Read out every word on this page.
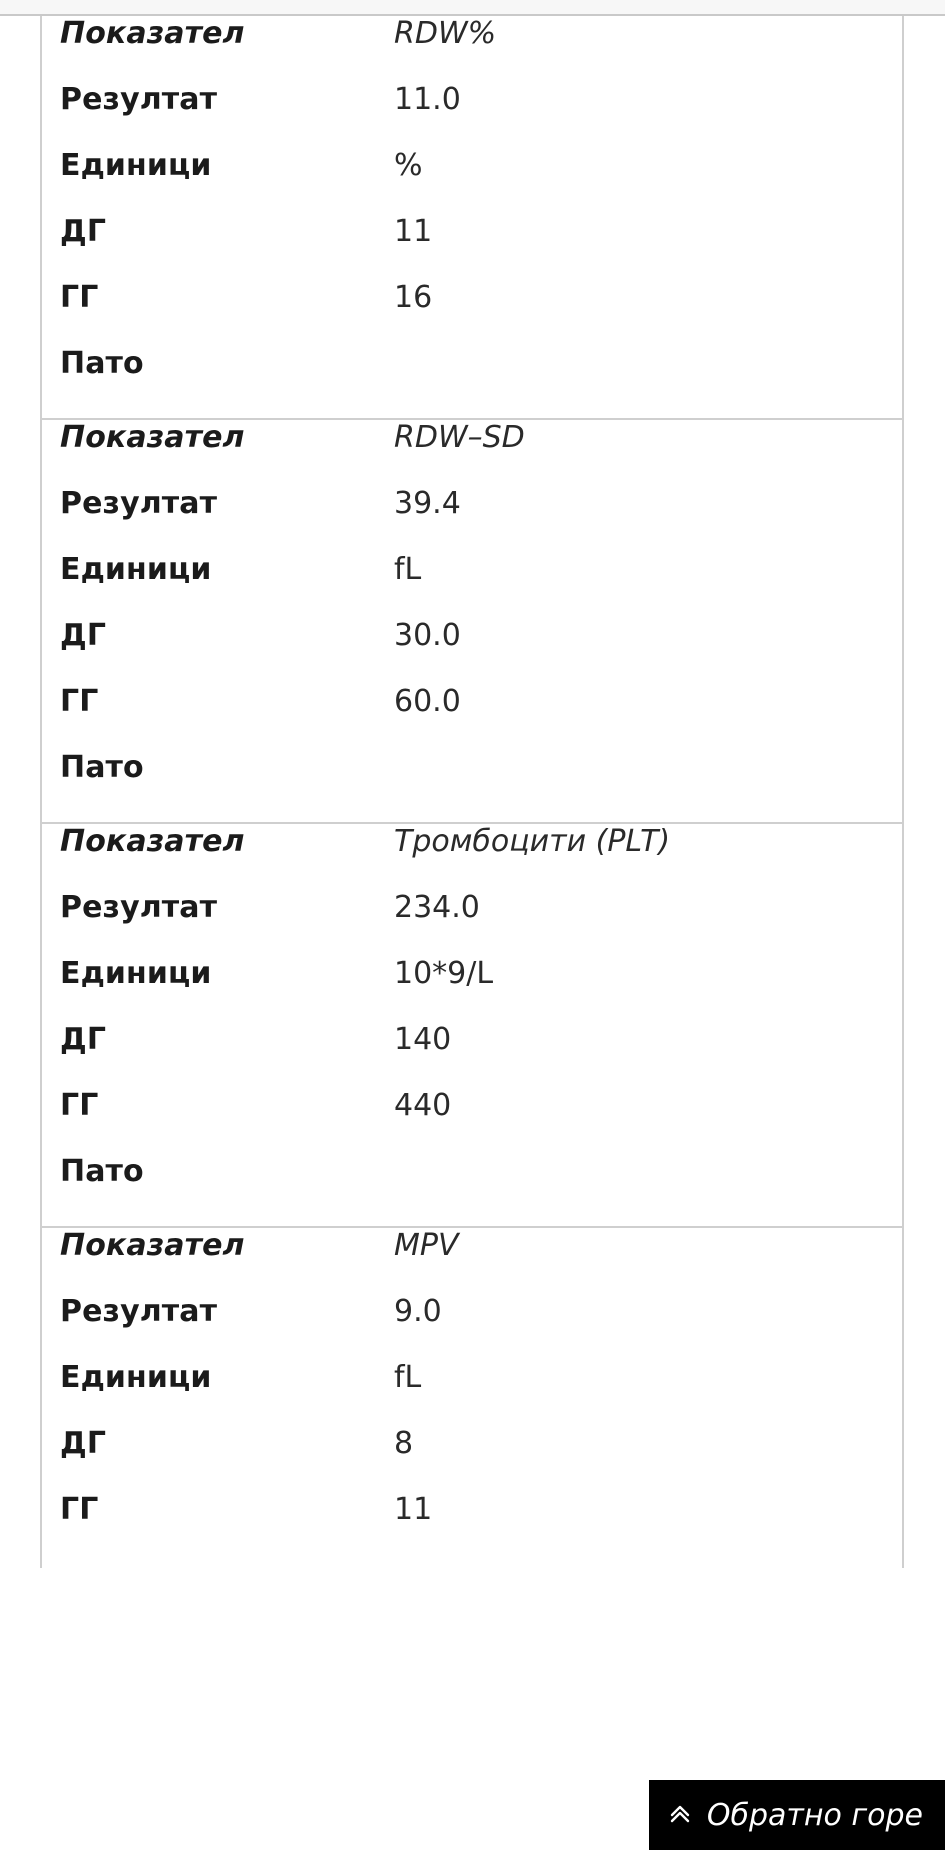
Показател	RDW%
Резултат	11.0
Единици	%
ДГ	11
ГГ	16
Пато
Показател	RDW–SD
Резултат	39.4
Единици	fL
ДГ	30.0
ГГ	60.0
Пато
Показател	Тромбоцити (PLT)
Резултат	234.0
Единици	10*9/L
ДГ	140
ГГ	440
Пато
Показател	MPV
Резултат	9.0
Единици	fL
ДГ	8
ГГ	11
Обратно горе
